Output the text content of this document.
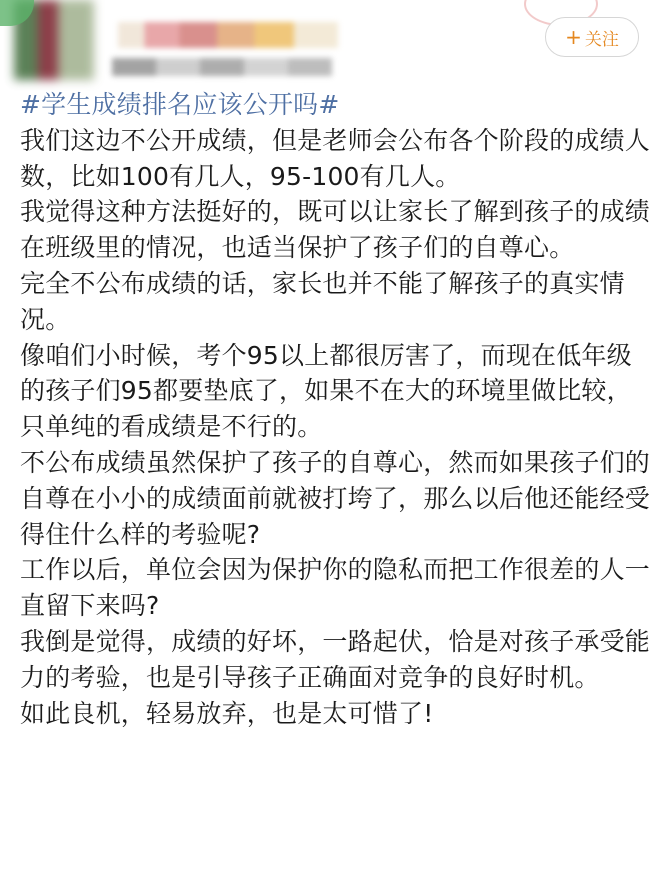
+ 关注

#学生成绩排名应该公开吗#

我们这边不公开成绩，但是老师会公布各个阶段的成绩人数，比如100有几人，95-100有几人。

我觉得这种方法挺好的，既可以让家长了解到孩子的成绩在班级里的情况，也适当保护了孩子们的自尊心。

完全不公布成绩的话，家长也并不能了解孩子的真实情况。

像咱们小时候，考个95以上都很厉害了，而现在低年级的孩子们95都要垫底了，如果不在大的环境里做比较，只单纯的看成绩是不行的。

不公布成绩虽然保护了孩子的自尊心，然而如果孩子们的自尊在小小的成绩面前就被打垮了，那么以后他还能经受得住什么样的考验呢?

工作以后，单位会因为保护你的隐私而把工作很差的人一直留下来吗?

我倒是觉得，成绩的好坏，一路起伏，恰是对孩子承受能力的考验，也是引导孩子正确面对竞争的良好时机。

如此良机，轻易放弃，也是太可惜了!
